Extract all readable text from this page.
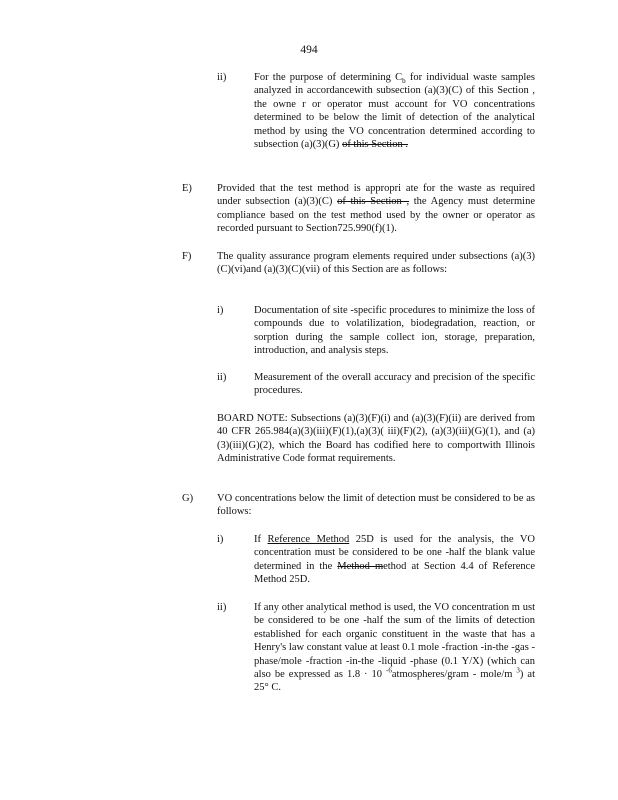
494
ii)	For the purpose of determining $C_b$ for individual waste samples analyzed in accordancewith subsection (a)(3)(C) of this Section , the owne r or operator must account for VO concentrations determined to be below the limit of detection of the analytical method by using the VO concentration determined according to subsection (a)(3)(G) of this Section .

E) Provided that the test method is appropri ate for the waste as required under subsection (a)(3)(C) of this Section , the Agency must determine compliance based on the test method used by the owner or operator as recorded pursuant to Section725.990(f)(1).

F) The quality assurance program elements required under subsections (a)(3)(C)(vi)and (a)(3)(C)(vii) of this Section are as follows:
i)	Documentation of site -specific procedures to minimize the loss of compounds due to volatilization, biodegradation, reaction, or sorption during the sample collect ion, storage, preparation, introduction, and analysis steps.
ii)	Measurement of the overall accuracy and precision of the specific procedures.
BOARD NOTE: Subsections (a)(3)(F)(i) and (a)(3)(F)(ii) are derived from 40 CFR 265.984(a)(3)(iii)(F)(1),(a)(3)( iii)(F)(2), (a)(3)(iii)(G)(1), and (a)(3)(iii)(G)(2), which the Board has codified here to comportwith Illinois Administrative Code format requirements.
G) VO concentrations below the limit of detection must be considered to be as follows:
i)	If Reference Method 25D is used for the analysis, the VO concentration must be considered to be one -half the blank value determined in the Method method at Section 4.4 of Reference Method 25D.

ii)	If any other analytical method is used, the VO concentration m ust be considered to be one -half the sum of the limits of detection established for each organic constituent in the waste that has a Henry's law constant value at least 0.1 mole -fraction -in-the -gas -phase/mole -fraction -in-the -liquid -phase (0.1 Y/X) (which can also be expressed as 1.8 · 10 $^{-6}$atmospheres/gram - mole/m $^3$) at 25° C.
